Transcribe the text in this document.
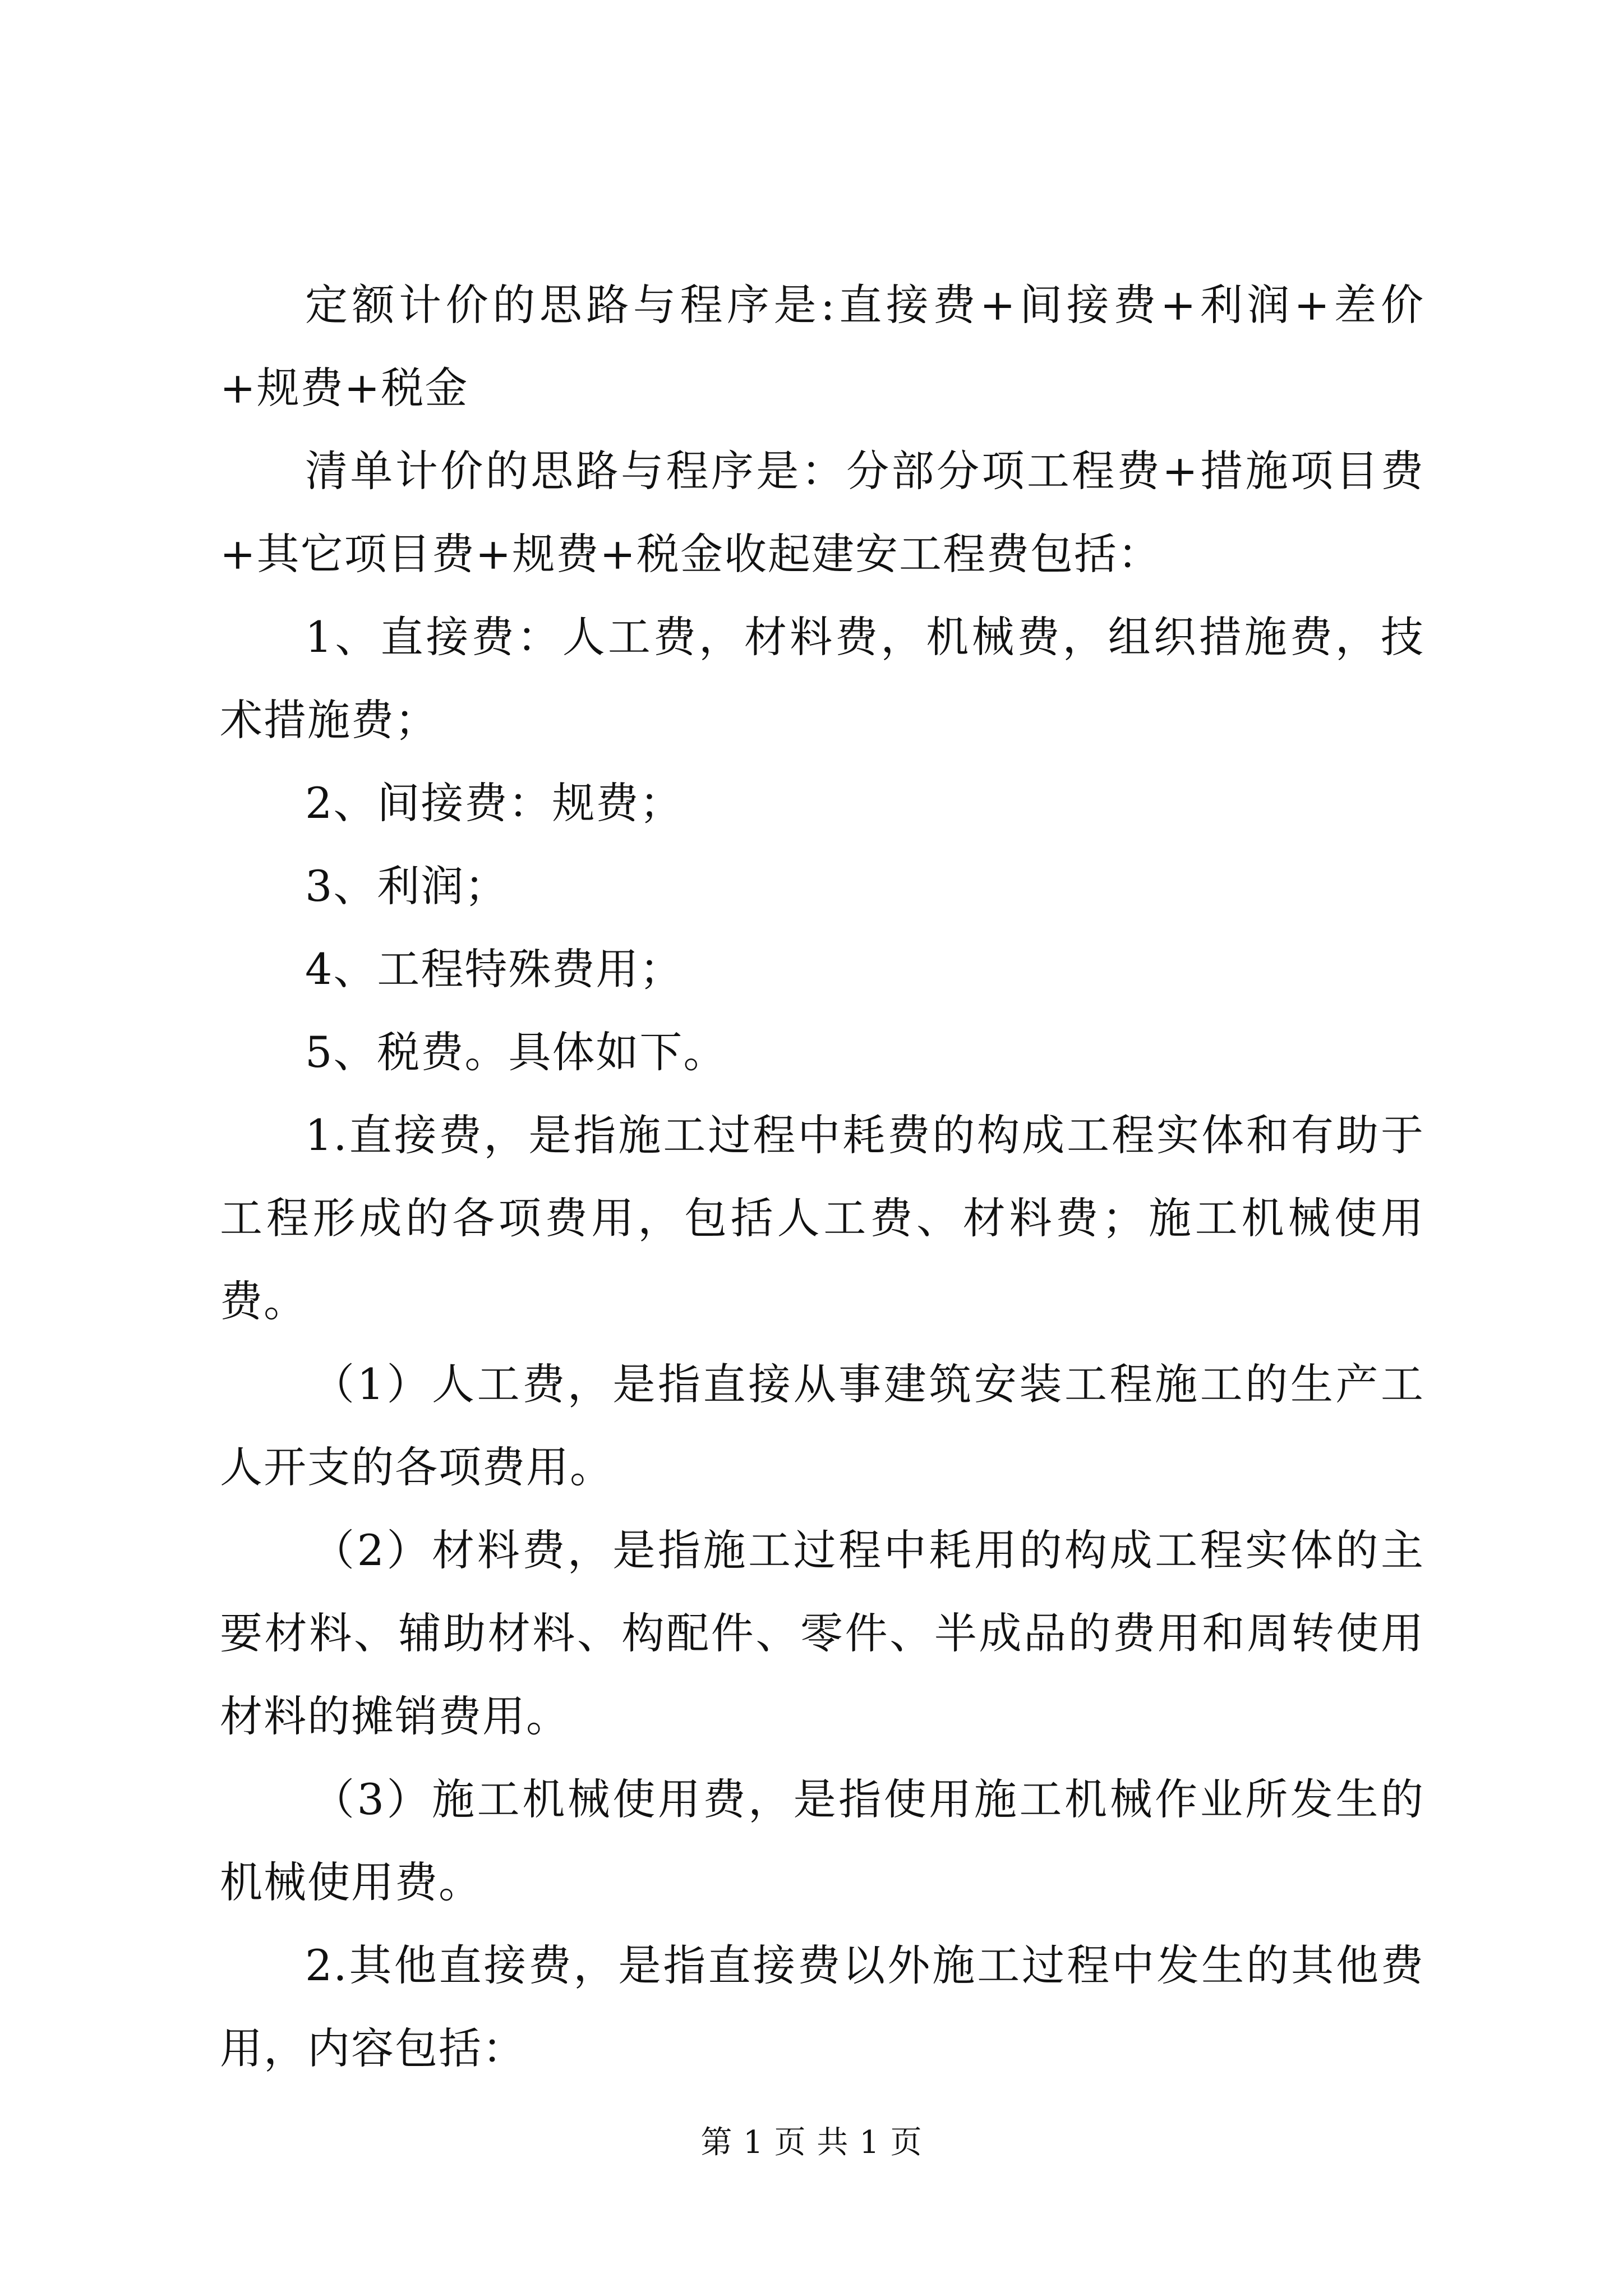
定额计价的思路与程序是:直接费+间接费+利润+差价+规费+税金

清单计价的思路与程序是：分部分项工程费+措施项目费+其它项目费+规费+税金收起建安工程费包括：

1、直接费：人工费，材料费，机械费，组织措施费，技术措施费；

2、间接费：规费；

3、利润；

4、工程特殊费用；

5、税费。具体如下。

1.直接费，是指施工过程中耗费的构成工程实体和有助于工程形成的各项费用，包括人工费、材料费；施工机械使用费。

（1）人工费，是指直接从事建筑安装工程施工的生产工人开支的各项费用。

（2）材料费，是指施工过程中耗用的构成工程实体的主要材料、辅助材料、构配件、零件、半成品的费用和周转使用材料的摊销费用。

（3）施工机械使用费，是指使用施工机械作业所发生的机械使用费。

2.其他直接费，是指直接费以外施工过程中发生的其他费用，内容包括：

第 1 页 共 1 页
